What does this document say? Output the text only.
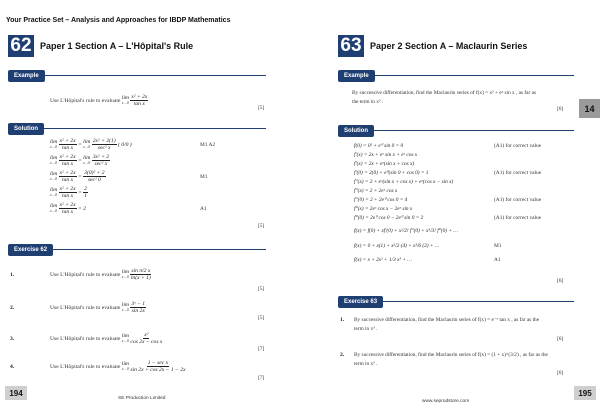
Your Practice Set – Analysis and Approaches for IBDP Mathematics
62 Paper 1 Section A – L'Hôpital's Rule
Example
Use L'Hôpital's rule to evaluate
lim
x→0
$\frac{\text{x² + 2x}}{\text{tan x}}$
[5]
Solution
lim
x→0
$\frac{\text{x² + 2x}}{\text{tan x}}$ =
lim
x→0
$\frac{\text{2x² + 2(1)}}{\text{sec² x}}$ ( 0/0 )	M1 A2
lim
x→0
$\frac{\text{x² + 2x}}{\text{tan x}}$ =
lim
x→0
$\frac{\text{3x² + 2}}{\text{sec² x}}$
lim
x→0
$\frac{\text{x² + 2x}}{\text{tan x}} = \frac{\text{3(0)² + 2}}{\text{sec² 0}}$	M1
lim
x→0
$\frac{\text{x² + 2x}}{\text{tan x}} = \frac{2}{1}$
lim
x→0
$\frac{\text{x² + 2x}}{\text{tan x}} = 2$	A1
[5]
Exercise 62
1.	Use L'Hôpital's rule to evaluate
lim
x→0
$\frac{\text{sin π/2 x}}{\ln(x + 1)}$
[5]
2.	Use L'Hôpital's rule to evaluate
lim
x→0
$\frac{\text{3ˣ − 1}}{\sin 2x}$
[5]
3.	Use L'Hôpital's rule to evaluate
lim
x→0
$\frac{\text{x²}}{\text{cos 2x − cos x}}$
[7]
4.	Use L'Hôpital's rule to evaluate
lim
x→0
$\frac{\text{1 − sec x}}{\sin 2x + \cos 2x - 1 - 2x}$
[7]
194
SE Production Limited
63 Paper 2 Section A – Maclaurin Series
Example
By successive differentiation, find the Maclaurin series of f(x) = x² + eˣ sin x , as far as
the term in x³ .
[6]	14
Solution
f(0) = 0² + e⁰ sin 0 = 0	(A1) for correct value
f′(x) = 2x + eˣ sin x + eˣ cos x
f′(x) = 2x + eˣ(sin x + cos x)
f′(0) = 2(0) + e⁰(sin 0 + cos 0) = 1	(A1) for correct value
f″(x) = 2 + eˣ(sin x + cos x) + eˣ(cos x − sin x)
f″(x) = 2 + 2eˣ cos x
f″(0) = 2 + 2e⁰ cos 0 = 4	(A1) for correct value
f‴(x) = 2eˣ cos x − 2eˣ sin x
f‴(0) = 2e⁰ cos 0 − 2e⁰ sin 0 = 2	(A1) for correct value
f(x) = f(0) + xf′(0) + x²/2! f″(0) + x³/3! f‴(0) + …
f(x) = 0 + x(1) + x²/2 (4) + x³/6 (2) + …	M1
f(x) = x + 2x² + 1/3 x³ + …	A1
[6]
Exercise 63
1. By successive differentiation, find the Maclaurin series of f(x) = e⁻ˣ tan x , as far as the
term in x³ .
[6]
2. By successive differentiation, find the Maclaurin series of f(x) = (1 + x)^(3/2) , as far as the
term in x³ .
[6]
195
www.seprodstore.com
